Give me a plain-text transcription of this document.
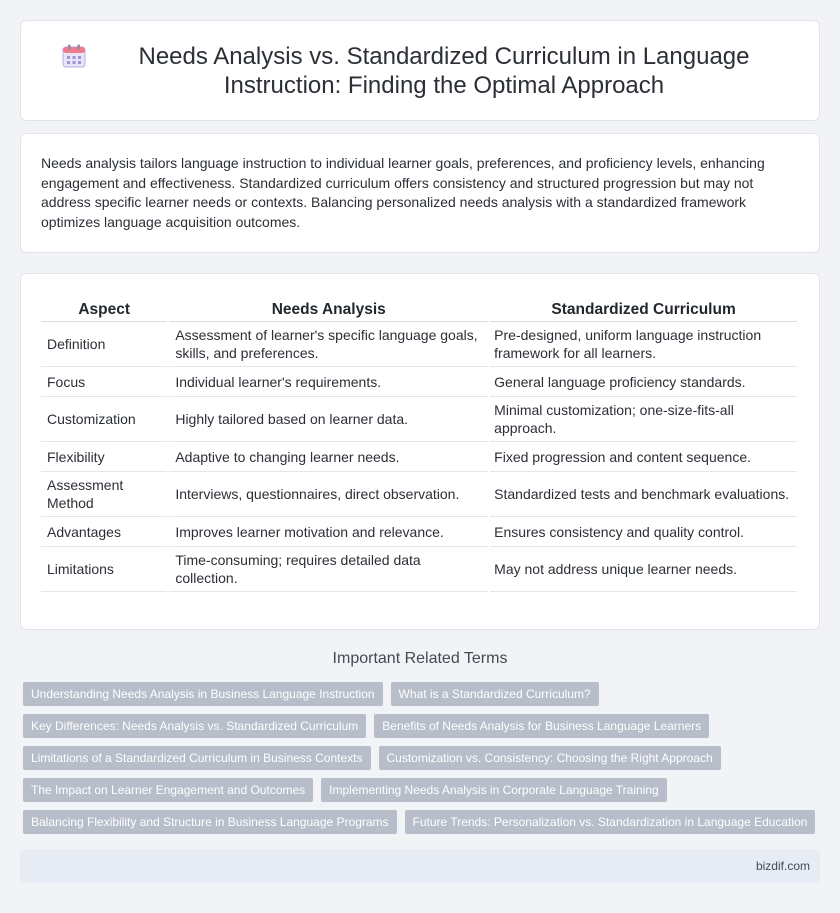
Needs Analysis vs. Standardized Curriculum in Language Instruction: Finding the Optimal Approach

Needs analysis tailors language instruction to individual learner goals, preferences, and proficiency levels, enhancing engagement and effectiveness. Standardized curriculum offers consistency and structured progression but may not address specific learner needs or contexts. Balancing personalized needs analysis with a standardized framework optimizes language acquisition outcomes.

Aspect	Needs Analysis	Standardized Curriculum
Definition	Assessment of learner's specific language goals, skills, and preferences.	Pre-designed, uniform language instruction framework for all learners.
Focus	Individual learner's requirements.	General language proficiency standards.
Customization	Highly tailored based on learner data.	Minimal customization; one-size-fits-all approach.
Flexibility	Adaptive to changing learner needs.	Fixed progression and content sequence.
Assessment Method	Interviews, questionnaires, direct observation.	Standardized tests and benchmark evaluations.
Advantages	Improves learner motivation and relevance.	Ensures consistency and quality control.
Limitations	Time-consuming; requires detailed data collection.	May not address unique learner needs.
Important Related Terms
Understanding Needs Analysis in Business Language Instruction	What is a Standardized Curriculum?
Key Differences: Needs Analysis vs. Standardized Curriculum	Benefits of Needs Analysis for Business Language Learners
Limitations of a Standardized Curriculum in Business Contexts	Customization vs. Consistency: Choosing the Right Approach
The Impact on Learner Engagement and Outcomes	Implementing Needs Analysis in Corporate Language Training
Balancing Flexibility and Structure in Business Language Programs	Future Trends: Personalization vs. Standardization in Language Education
bizdif.com
